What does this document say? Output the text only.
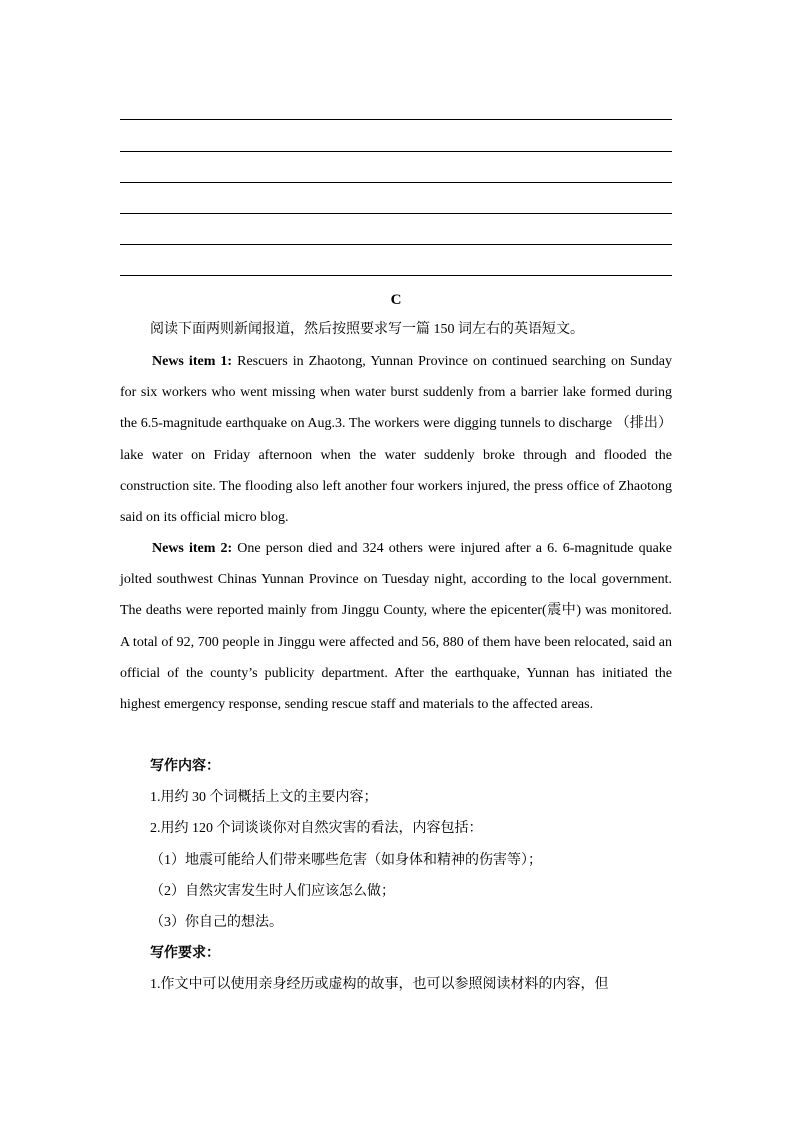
C
阅读下面两则新闻报道，然后按照要求写一篇 150 词左右的英语短文。

News item 1: Rescuers in Zhaotong, Yunnan Province on continued searching on Sunday for six workers who went missing when water burst suddenly from a barrier lake formed during the 6.5-magnitude earthquake on Aug.3. The workers were digging tunnels to discharge （排出）lake water on Friday afternoon when the water suddenly broke through and flooded the construction site. The flooding also left another four workers injured, the press office of Zhaotong said on its official micro blog.

News item 2: One person died and 324 others were injured after a 6. 6-magnitude quake jolted southwest Chinas Yunnan Province on Tuesday night, according to the local government. The deaths were reported mainly from Jinggu County, where the epicenter(震中) was monitored. A total of 92, 700 people in Jinggu were affected and 56, 880 of them have been relocated, said an official of the county’s publicity department. After the earthquake, Yunnan has initiated the highest emergency response, sending rescue staff and materials to the affected areas.

写作内容：
1.用约 30 个词概括上文的主要内容；
2.用约 120 个词谈谈你对自然灾害的看法，内容包括：
（1）地震可能给人们带来哪些危害（如身体和精神的伤害等）；
（2）自然灾害发生时人们应该怎么做；
（3）你自己的想法。
写作要求：
1.作文中可以使用亲身经历或虚构的故事，也可以参照阅读材料的内容，但
